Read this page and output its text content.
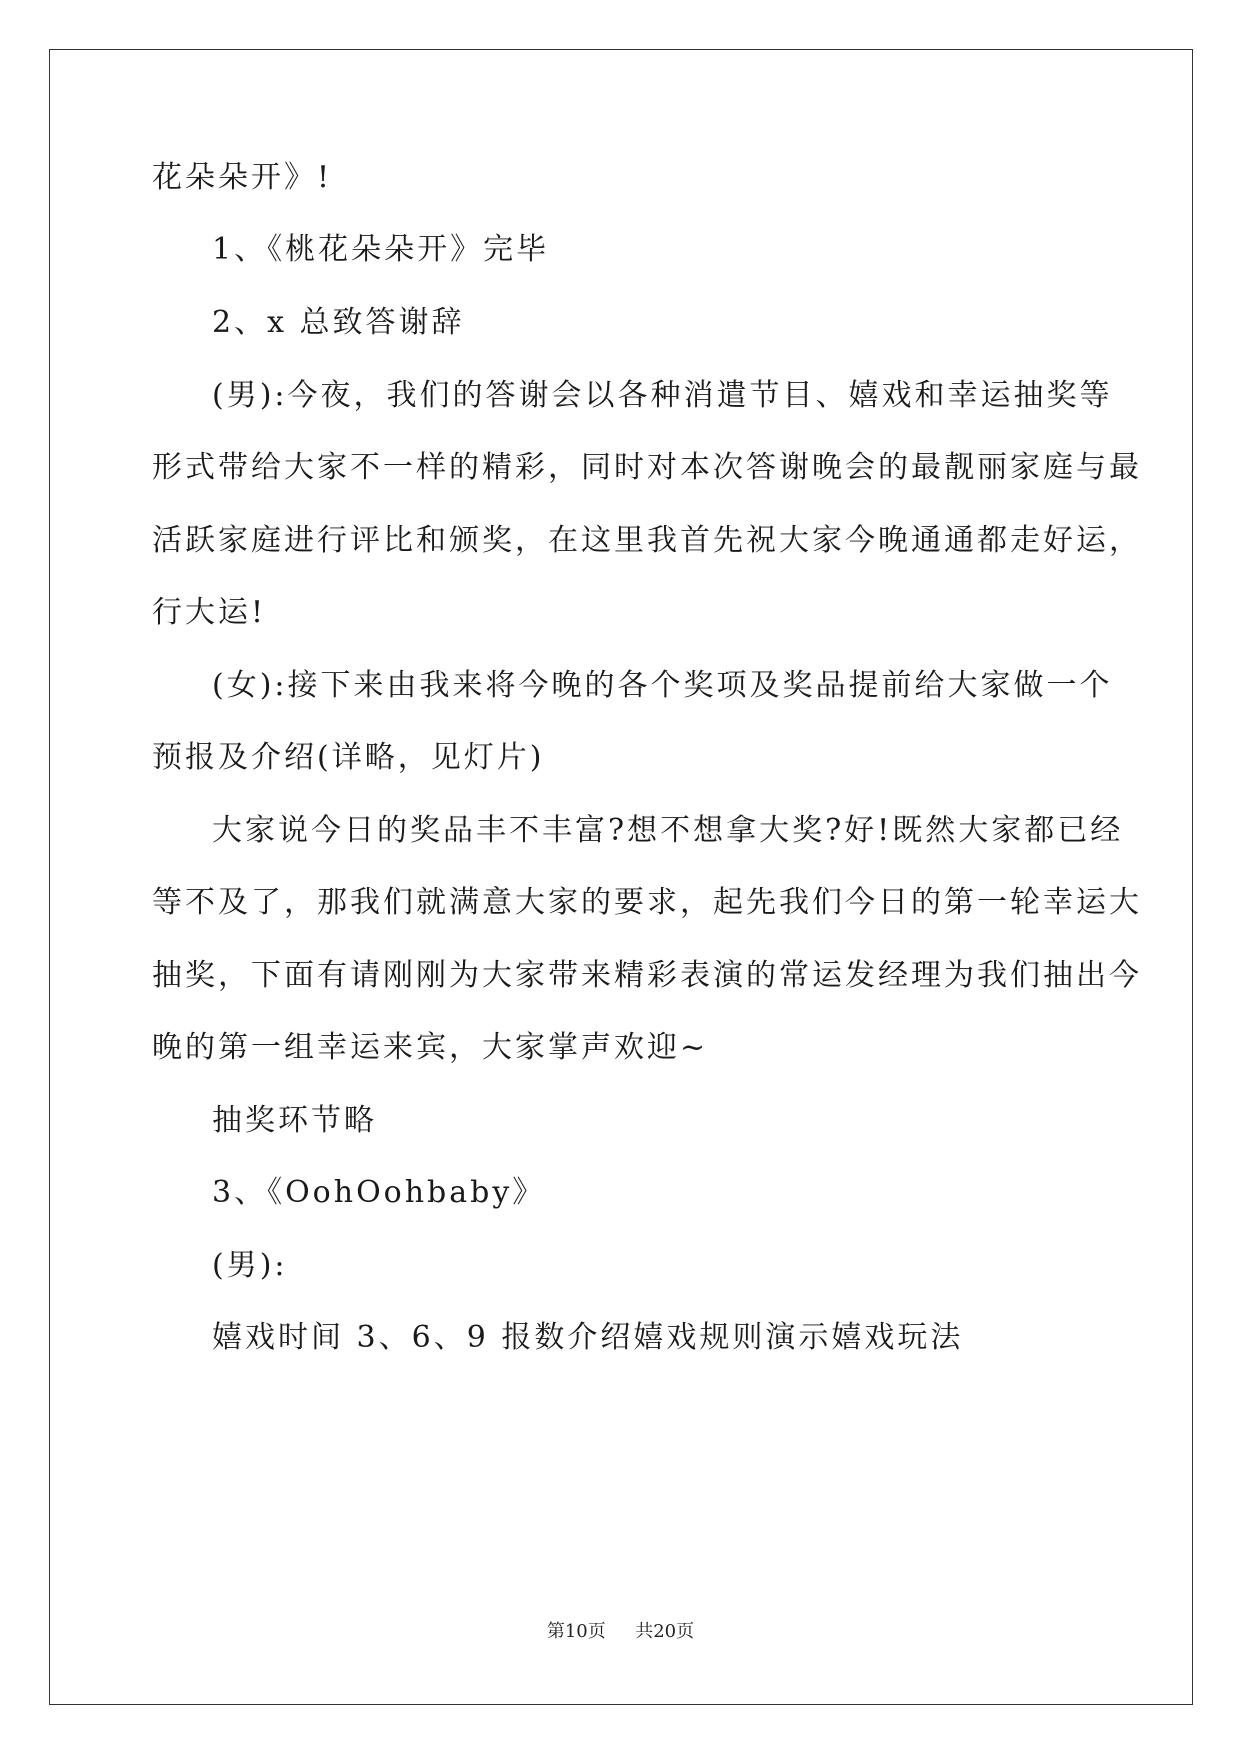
花朵朵开》!
1、《桃花朵朵开》完毕
2、x 总致答谢辞
(男):今夜，我们的答谢会以各种消遣节目、嬉戏和幸运抽奖等
形式带给大家不一样的精彩，同时对本次答谢晚会的最靓丽家庭与最
活跃家庭进行评比和颁奖，在这里我首先祝大家今晚通通都走好运，
行大运!
(女):接下来由我来将今晚的各个奖项及奖品提前给大家做一个
预报及介绍(详略，见灯片)
大家说今日的奖品丰不丰富?想不想拿大奖?好!既然大家都已经
等不及了，那我们就满意大家的要求，起先我们今日的第一轮幸运大
抽奖，下面有请刚刚为大家带来精彩表演的常运发经理为我们抽出今
晚的第一组幸运来宾，大家掌声欢迎~
抽奖环节略
3、《OohOohbaby》
(男):
嬉戏时间 3、6、9 报数介绍嬉戏规则演示嬉戏玩法
第10页 共20页
